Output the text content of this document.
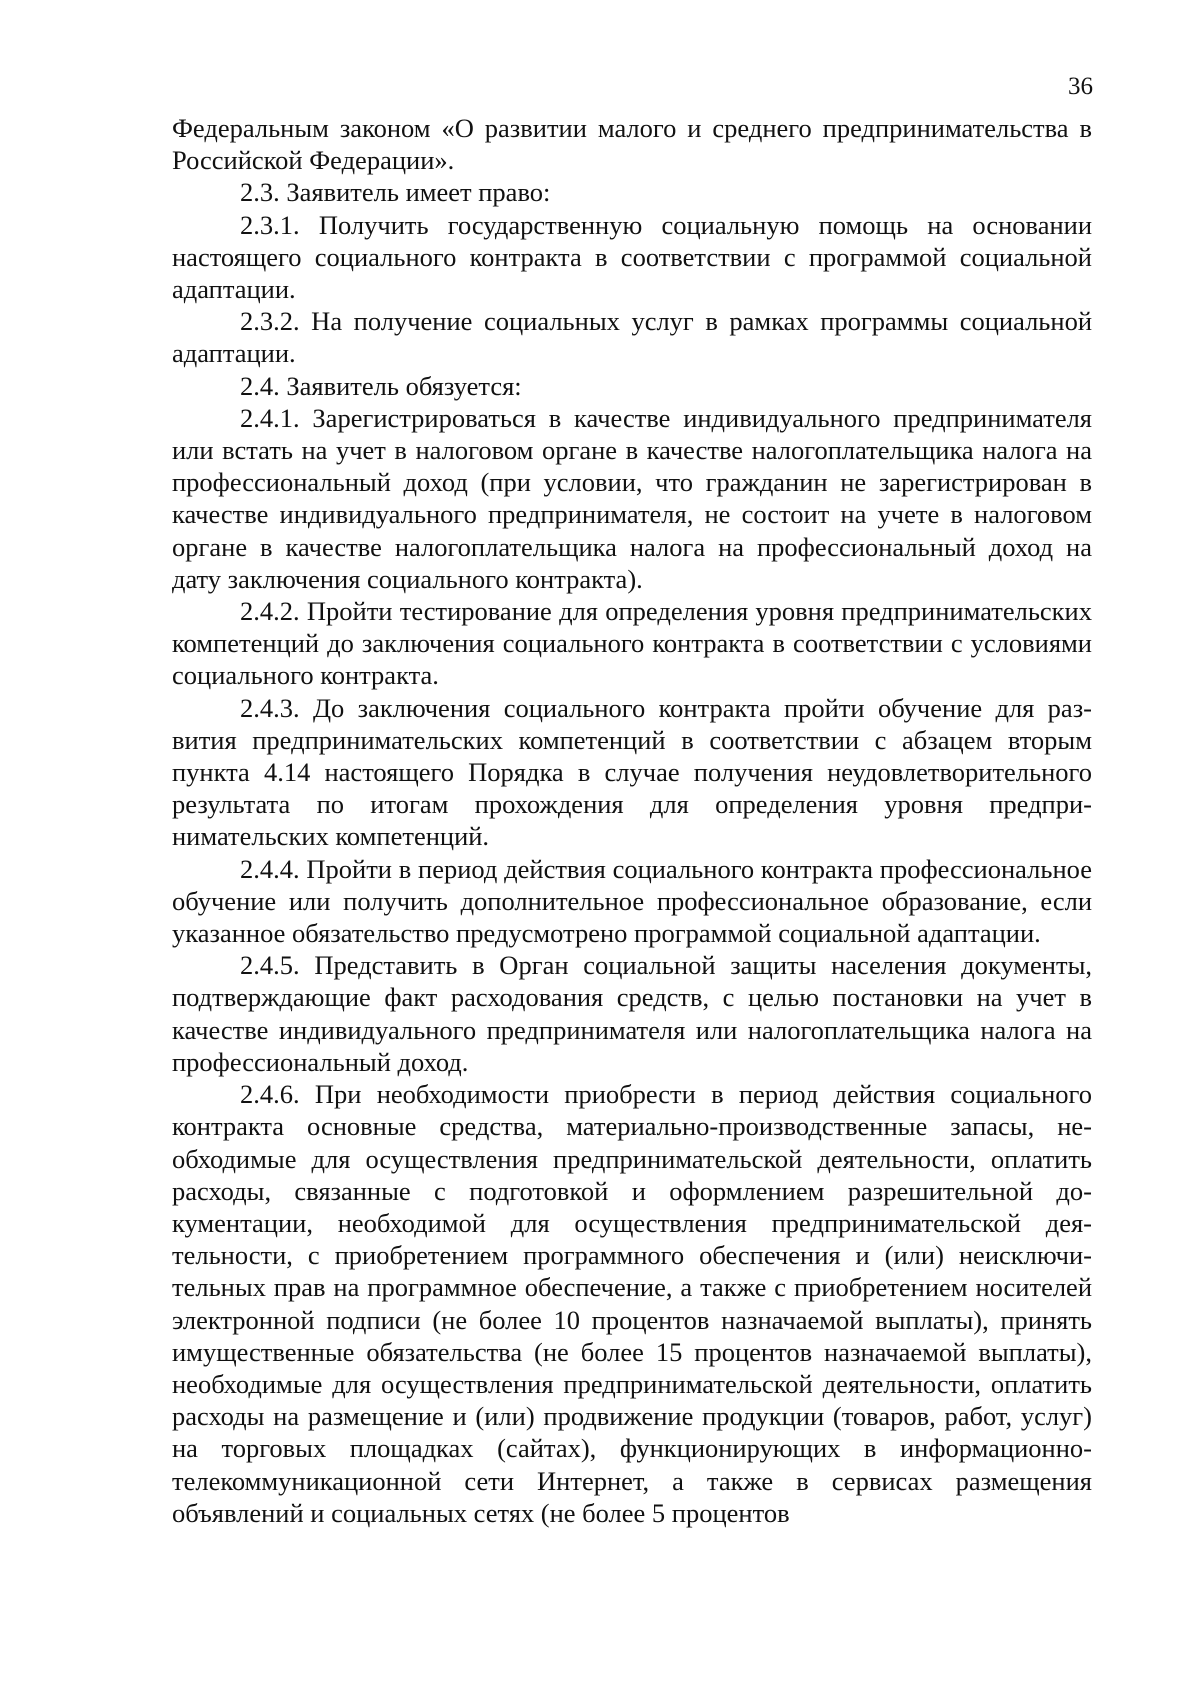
36

Федеральным законом «О развитии малого и среднего предпринимательства в Российской Федерации».

2.3. Заявитель имеет право:

2.3.1. Получить государственную социальную помощь на основании настоящего социального контракта в соответствии с программой социальной адаптации.

2.3.2. На получение социальных услуг в рамках программы социальной адаптации.

2.4. Заявитель обязуется:

2.4.1. Зарегистрироваться в качестве индивидуального предпринимателя или встать на учет в налоговом органе в качестве налогоплательщика налога на профессиональный доход (при условии, что гражданин не зарегистрирован в качестве индивидуального предпринимателя, не состоит на учете в налоговом органе в качестве налогоплательщика налога на профессиональный доход на дату заключения социального контракта).

2.4.2. Пройти тестирование для определения уровня предпринимательских компетенций до заключения социального контракта в соответствии с условиями социального контракта.

2.4.3. До заключения социального контракта пройти обучение для развития предпринимательских компетенций в соответствии с абзацем вторым пункта 4.14 настоящего Порядка в случае получения неудовлетворительного результата по итогам прохождения для определения уровня предпринимательских компетенций.

2.4.4. Пройти в период действия социального контракта профессиональное обучение или получить дополнительное профессиональное образование, если указанное обязательство предусмотрено программой социальной адаптации.

2.4.5. Представить в Орган социальной защиты населения документы, подтверждающие факт расходования средств, с целью постановки на учет в качестве индивидуального предпринимателя или налогоплательщика налога на профессиональный доход.

2.4.6. При необходимости приобрести в период действия социального контракта основные средства, материально-производственные запасы, необходимые для осуществления предпринимательской деятельности, оплатить расходы, связанные с подготовкой и оформлением разрешительной документации, необходимой для осуществления предпринимательской деятельности, с приобретением программного обеспечения и (или) неисключительных прав на программное обеспечение, а также с приобретением носителей электронной подписи (не более 10 процентов назначаемой выплаты), принять имущественные обязательства (не более 15 процентов назначаемой выплаты), необходимые для осуществления предпринимательской деятельности, оплатить расходы на размещение и (или) продвижение продукции (товаров, работ, услуг) на торговых площадках (сайтах), функционирующих в информационно-телекоммуникационной сети Интернет, а также в сервисах размещения объявлений и социальных сетях (не более 5 процентов
